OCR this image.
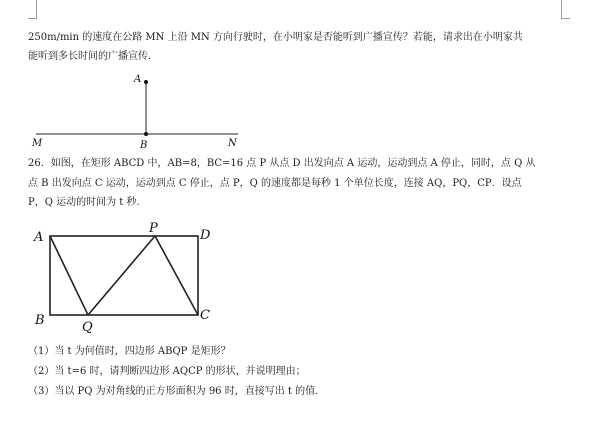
250m/min 的速度在公路 MN 上沿 MN 方向行驶时，在小明家是否能听到广播宣传？若能，请求出在小明家共
能听到多长时间的广播宣传.
A
M	B	N
26．如图，在矩形 ABCD 中，AB=8，BC=16 点 P 从点 D 出发向点 A 运动，运动到点 A 停止，同时，点 Q 从
点 B 出发向点 C 运动，运动到点 C 停止，点 P，Q 的速度都是每秒 1 个单位长度，连接 AQ，PQ，CP．设点
P，Q 运动的时间为 t 秒.
A
P	D
B	Q
C
（1）当 t 为何值时，四边形 ABQP 是矩形？
（2）当 t=6 时，请判断四边形 AQCP 的形状，并说明理由；
（3）当以 PQ 为对角线的正方形面积为 96 时，直接写出 t 的值.
